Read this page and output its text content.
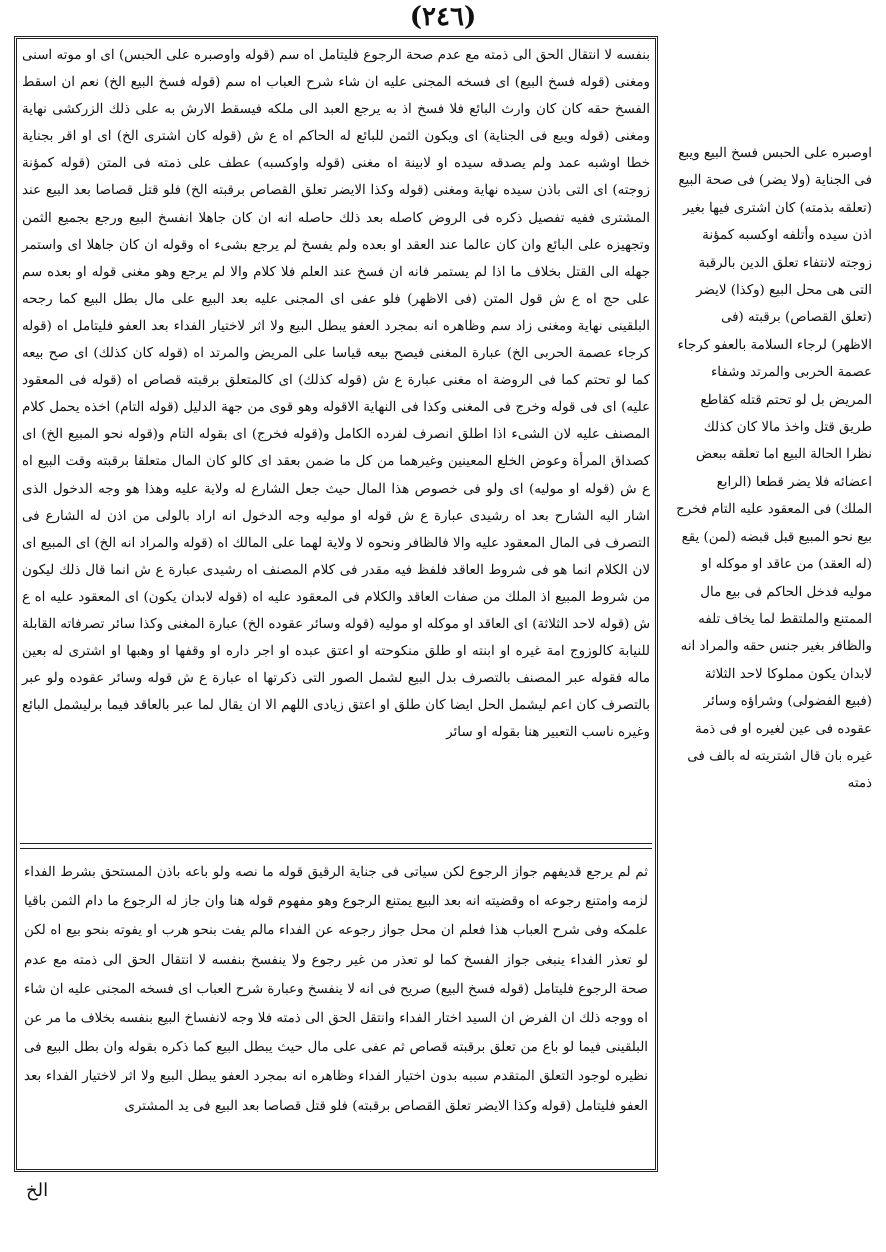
(٢٤٦)

بنفسه لا انتقال الحق الى ذمته مع عدم صحة الرجوع فليتامل اه سم (قوله واوصبره على الحبس) اى او موته اسنى ومغنى (قوله فسخ البيع) اى فسخه المجنى عليه ان شاء شرح العباب اه سم (قوله فسخ البيع الخ) نعم ان اسقط الفسخ حقه كان كان وارث البائع فلا فسخ اذ به يرجع العبد الى ملكه فيسقط الارش به على ذلك الزركشى نهاية ومغنى (قوله ويبع فى الجناية) اى ويكون الثمن للبائع له الحاكم اه ع ش (قوله كان اشترى الخ) اى او اقر بجناية خطا اوشبه عمد ولم يصدقه سيده او لابينة اه مغنى (قوله واوكسبه) عطف على ذمته فى المتن (قوله كمؤنة زوجته) اى التى باذن سيده نهاية ومغنى (قوله وكذا الايضر تعلق القصاص برقبته الخ) فلو قتل قصاصا بعد البيع عند المشترى ففيه تفصيل ذكره فى الروض كاصله بعد ذلك حاصله انه ان كان جاهلا انفسخ البيع ورجع بجميع الثمن وتجهيزه على البائع وان كان عالما عند العقد او بعده ولم يفسخ لم يرجع بشىء اه وقوله ان كان جاهلا اى واستمر جهله الى القتل بخلاف ما اذا لم يستمر فانه ان فسخ عند العلم فلا كلام والا لم يرجع وهو مغنى قوله او بعده سم على حج اه ع ش قول المتن (فى الاظهر) فلو عفى اى المجنى عليه بعد البيع على مال بطل البيع كما رجحه البلقينى نهاية ومغنى زاد سم وظاهره انه بمجرد العفو يبطل البيع ولا اثر لاختيار الفداء بعد العفو فليتامل اه (قوله كرجاء عصمة الحربى الخ) عبارة المغنى فيصح بيعه قياسا على المريض والمرتد اه (قوله كان كذلك) اى صح بيعه كما لو تحتم كما فى الروضة اه مغنى عبارة ع ش (قوله كذلك) اى كالمتعلق برقبته قصاص اه (قوله فى المعقود عليه) اى فى قوله وخرج فى المغنى وكذا فى النهاية الاقوله وهو قوى من جهة الدليل (قوله التام) اخذه يحمل كلام المصنف عليه لان الشىء اذا اطلق انصرف لفرده الكامل و(قوله فخرج) اى بقوله التام و(قوله نحو المبيع الخ) اى كصداق المرأة وعوض الخلع المعينين وغيرهما من كل ما ضمن بعقد اى كالو كان المال متعلقا برقبته وقت البيع اه ع ش (قوله او موليه) اى ولو فى خصوص هذا المال حيث جعل الشارع له ولاية عليه وهذا هو وجه الدخول الذى اشار اليه الشارح بعد اه رشيدى عبارة ع ش قوله او موليه وجه الدخول انه اراد بالولى من اذن له الشارع فى التصرف فى المال المعقود عليه والا فالظافر ونحوه لا ولاية لهما على المالك اه (قوله والمراد انه الخ) اى المبيع اى لان الكلام انما هو فى شروط العاقد فلفظ فيه مقدر فى كلام المصنف اه رشيدى عبارة ع ش انما قال ذلك ليكون من شروط المبيع اذ الملك من صفات العاقد والكلام فى المعقود عليه اه (قوله لابدان يكون) اى المعقود عليه اه ع ش (قوله لاحد الثلاثة) اى العاقد او موكله او موليه (قوله وسائر عقوده الخ) عبارة المغنى وكذا سائر تصرفاته القابلة للنيابة كالوزوج امة غيره او ابنته او طلق منكوحته او اعتق عبده او اجر داره او وقفها او وهبها او اشترى له بعين ماله فقوله عبر المصنف بالتصرف بدل البيع لشمل الصور التى ذكرتها اه عبارة ع ش قوله وسائر عقوده ولو عبر بالتصرف كان اعم ليشمل الحل ايضا كان طلق او اعتق زيادى اللهم الا ان يقال لما عبر بالعاقد فيما برليشمل البائع وغيره ناسب التعبير هنا بقوله او سائر

ثم لم يرجع قديفهم جواز الرجوع لكن سياتى فى جناية الرقيق قوله ما نصه ولو باعه باذن المستحق بشرط الفداء لزمه وامتنع رجوعه اه وقضيته انه بعد البيع يمتنع الرجوع وهو مفهوم قوله هنا وان جاز له الرجوع ما دام الثمن باقيا علمكه وفى شرح العباب هذا فعلم ان محل جواز رجوعه عن الفداء مالم يفت بنحو هرب او يفوته بنحو بيع اه لكن لو تعذر الفداء ينبغى جواز الفسخ كما لو تعذر من غير رجوع ولا ينفسخ بنفسه لا انتقال الحق الى ذمته مع عدم صحة الرجوع فليتامل (قوله فسخ البيع) صريح فى انه لا ينفسخ وعبارة شرح العباب اى فسخه المجنى عليه ان شاء اه ووجه ذلك ان الفرض ان السيد اختار الفداء وانتقل الحق الى ذمته فلا وجه لانفساخ البيع بنفسه بخلاف ما مر عن البلقينى فيما لو باع من تعلق برقبته قصاص ثم عفى على مال حيث يبطل البيع كما ذكره بقوله وان بطل البيع فى نظيره لوجود التعلق المتقدم سببه بدون اختيار الفداء وظاهره انه بمجرد العفو يبطل البيع ولا اثر لاختيار الفداء بعد العفو فليتامل (قوله وكذا الايضر تعلق القصاص برقبته) فلو قتل قصاصا بعد البيع فى يد المشترى

اوصبره على الحبس فسخ البيع ويبع فى الجناية (ولا يضر) فى صحة البيع (تعلقه بذمته) كان اشترى فيها بغير اذن سيده وأتلفه اوكسبه كمؤنة زوجته لانتفاء تعلق الدين بالرقبة التى هى محل البيع (وكذا) لايضر (تعلق القصاص) برقبته (فى الاظهر) لرجاء السلامة بالعفو كرجاء عصمة الحربى والمرتد وشفاء المريض بل لو تحتم قتله كقاطع طريق قتل واخذ مالا كان كذلك نظرا الحالة البيع اما تعلقه ببعض اعضائه فلا يضر قطعا (الرابع الملك) فى المعقود عليه التام فخرج بيع نحو المبيع قبل قبضه (لمن) يقع (له العقد) من عاقد او موكله او موليه فدخل الحاكم فى بيع مال الممتنع والملتقط لما يخاف تلفه والظافر بغير جنس حقه والمراد انه لابدان يكون مملوكا لاحد الثلاثة (فبيع الفضولى) وشراؤه وسائر عقوده فى عين لغيره او فى ذمة غيره بان قال اشتريته له بالف فى ذمته

الخ
